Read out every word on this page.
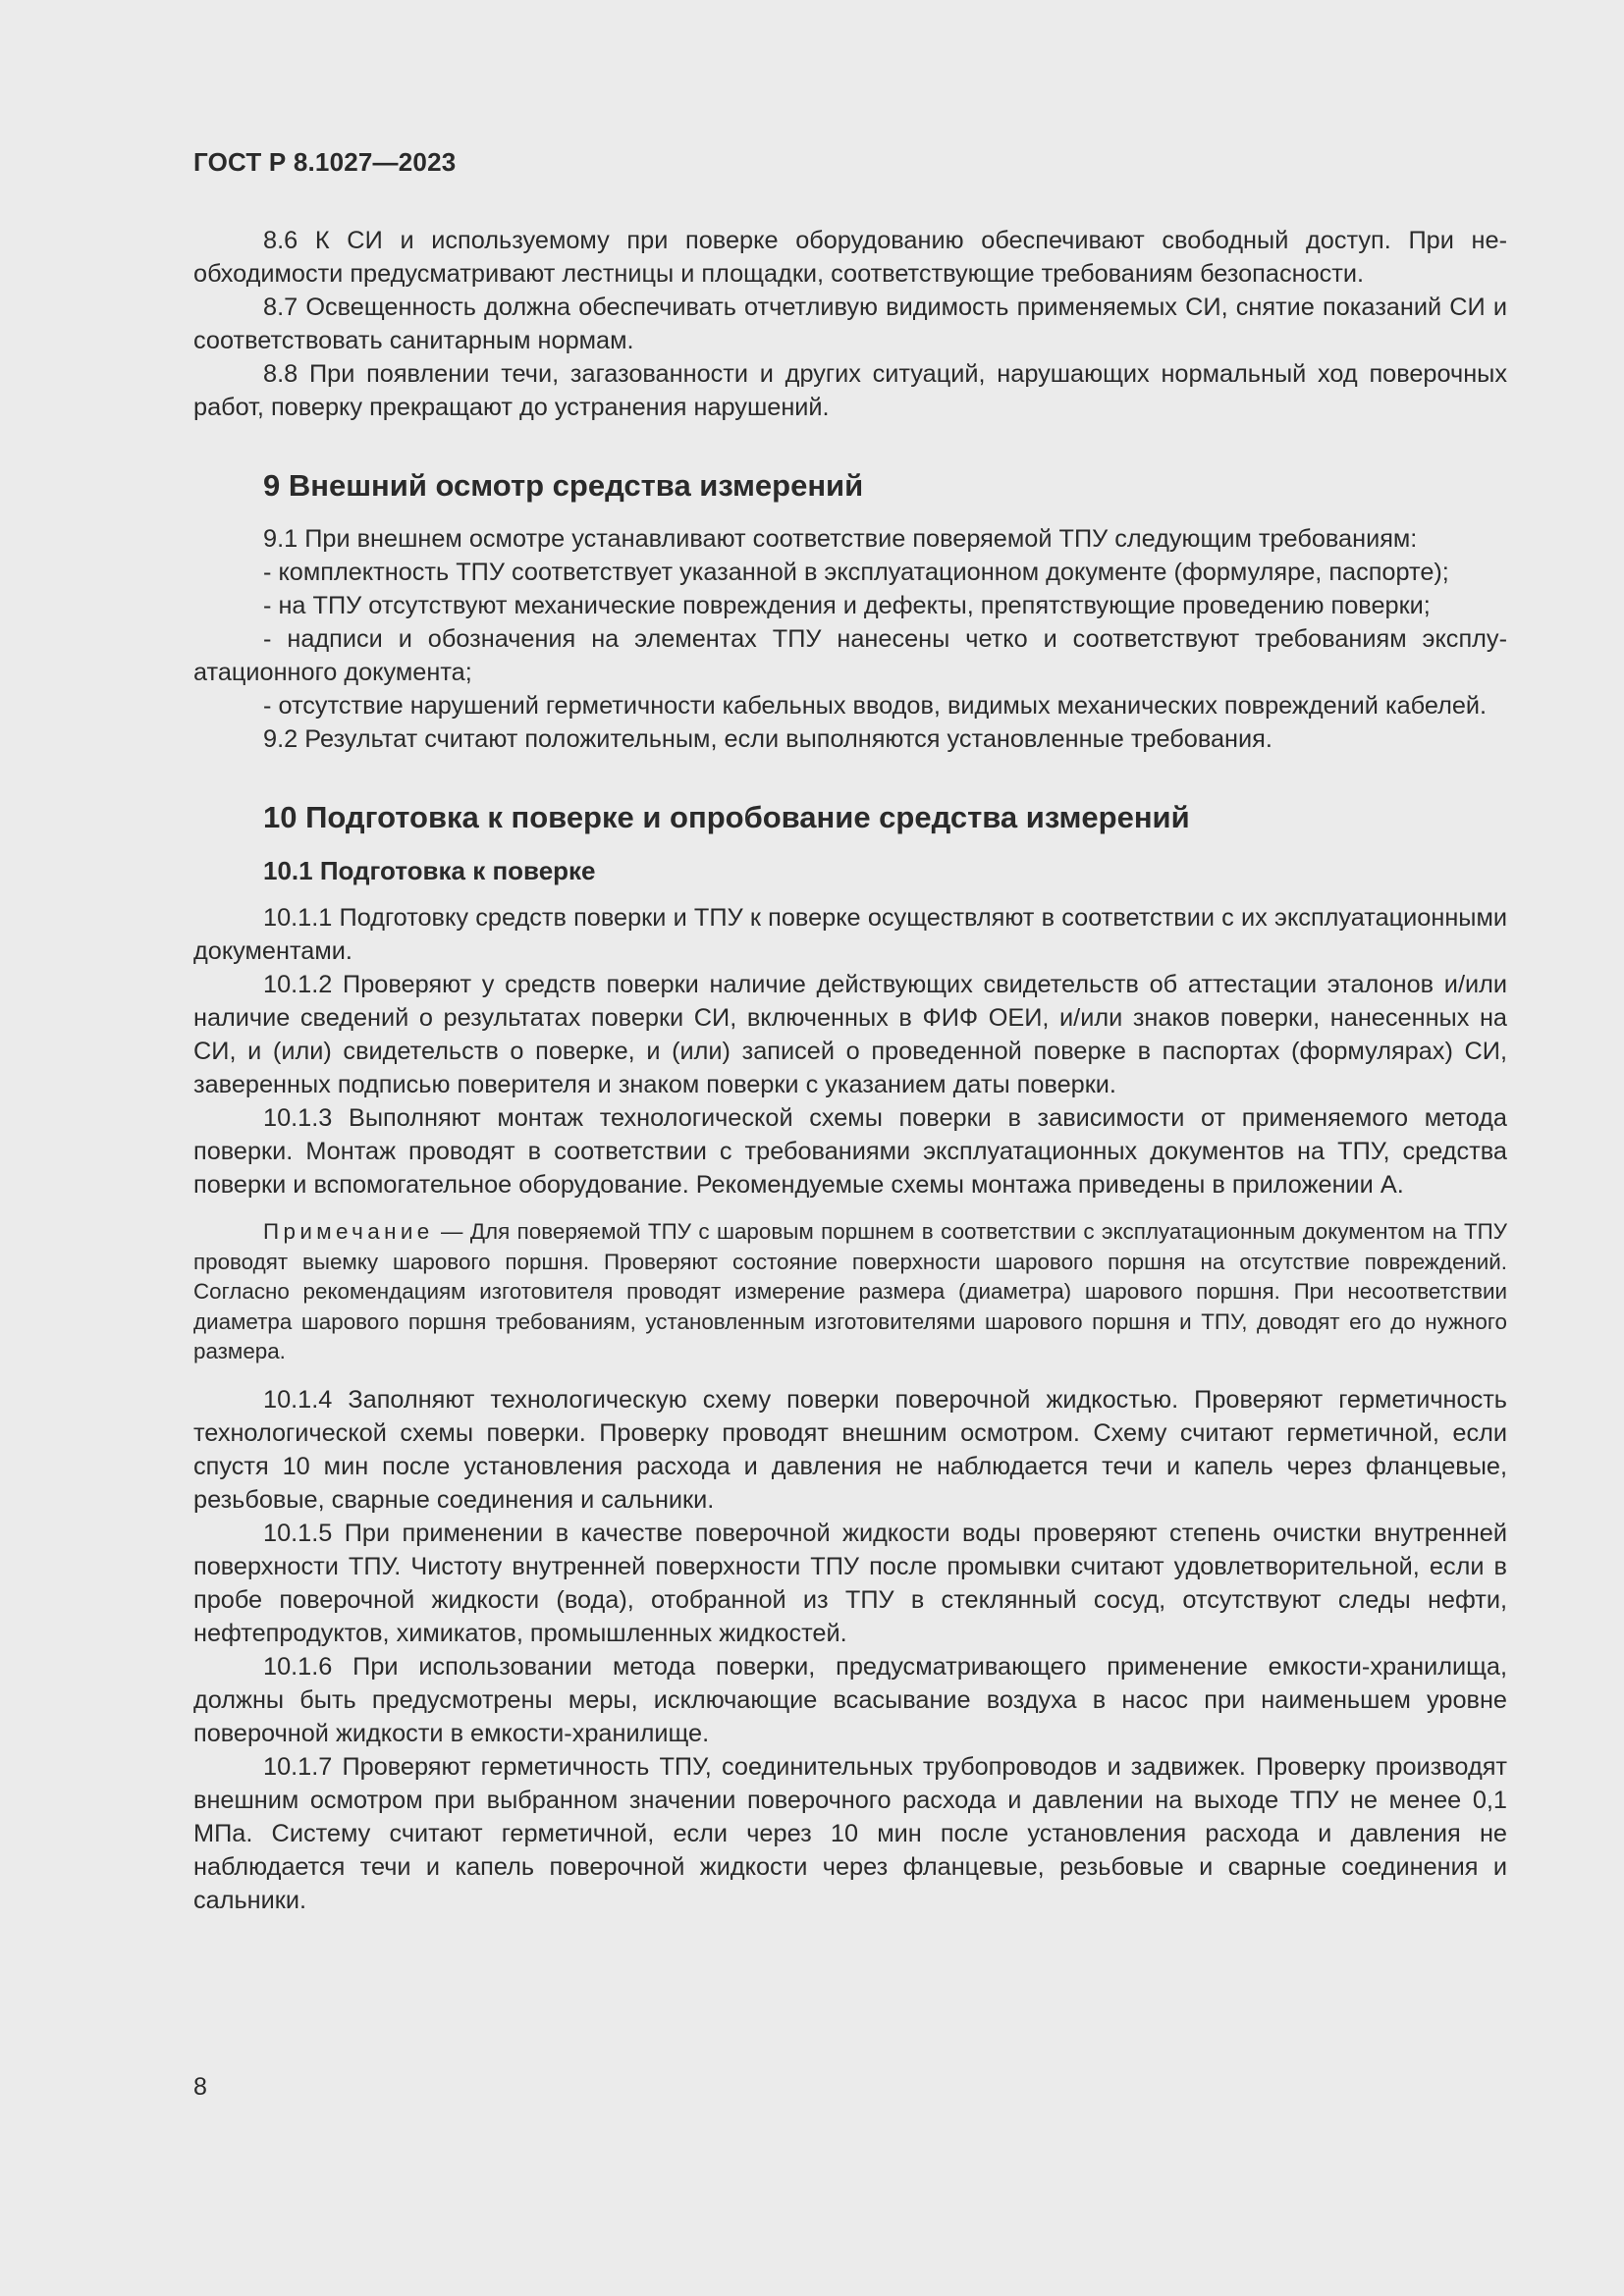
ГОСТ Р 8.1027—2023

8.6 К СИ и используемому при поверке оборудованию обеспечивают свободный доступ. При необходимости предусматривают лестницы и площадки, соответствующие требованиям безопасности.

8.7 Освещенность должна обеспечивать отчетливую видимость применяемых СИ, снятие показаний СИ и соответствовать санитарным нормам.

8.8 При появлении течи, загазованности и других ситуаций, нарушающих нормальный ход поверочных работ, поверку прекращают до устранения нарушений.

9 Внешний осмотр средства измерений

9.1 При внешнем осмотре устанавливают соответствие поверяемой ТПУ следующим требованиям:

- комплектность ТПУ соответствует указанной в эксплуатационном документе (формуляре, паспорте);

- на ТПУ отсутствуют механические повреждения и дефекты, препятствующие проведению поверки;

- надписи и обозначения на элементах ТПУ нанесены четко и соответствуют требованиям эксплуатационного документа;

- отсутствие нарушений герметичности кабельных вводов, видимых механических повреждений кабелей.

9.2 Результат считают положительным, если выполняются установленные требования.

10 Подготовка к поверке и опробование средства измерений
10.1 Подготовка к поверке

10.1.1 Подготовку средств поверки и ТПУ к поверке осуществляют в соответствии с их эксплуатационными документами.

10.1.2 Проверяют у средств поверки наличие действующих свидетельств об аттестации эталонов и/или наличие сведений о результатах поверки СИ, включенных в ФИФ ОЕИ, и/или знаков поверки, нанесенных на СИ, и (или) свидетельств о поверке, и (или) записей о проведенной поверке в паспортах (формулярах) СИ, заверенных подписью поверителя и знаком поверки с указанием даты поверки.

10.1.3 Выполняют монтаж технологической схемы поверки в зависимости от применяемого метода поверки. Монтаж проводят в соответствии с требованиями эксплуатационных документов на ТПУ, средства поверки и вспомогательное оборудование. Рекомендуемые схемы монтажа приведены в приложении А.

Примечание — Для поверяемой ТПУ с шаровым поршнем в соответствии с эксплуатационным документом на ТПУ проводят выемку шарового поршня. Проверяют состояние поверхности шарового поршня на отсутствие повреждений. Согласно рекомендациям изготовителя проводят измерение размера (диаметра) шарового поршня. При несоответствии диаметра шарового поршня требованиям, установленным изготовителями шарового поршня и ТПУ, доводят его до нужного размера.

10.1.4 Заполняют технологическую схему поверки поверочной жидкостью. Проверяют герметичность технологической схемы поверки. Проверку проводят внешним осмотром. Схему считают герметичной, если спустя 10 мин после установления расхода и давления не наблюдается течи и капель через фланцевые, резьбовые, сварные соединения и сальники.

10.1.5 При применении в качестве поверочной жидкости воды проверяют степень очистки внутренней поверхности ТПУ. Чистоту внутренней поверхности ТПУ после промывки считают удовлетворительной, если в пробе поверочной жидкости (вода), отобранной из ТПУ в стеклянный сосуд, отсутствуют следы нефти, нефтепродуктов, химикатов, промышленных жидкостей.

10.1.6 При использовании метода поверки, предусматривающего применение емкости-хранилища, должны быть предусмотрены меры, исключающие всасывание воздуха в насос при наименьшем уровне поверочной жидкости в емкости-хранилище.

10.1.7 Проверяют герметичность ТПУ, соединительных трубопроводов и задвижек. Проверку производят внешним осмотром при выбранном значении поверочного расхода и давлении на выходе ТПУ не менее 0,1 МПа. Систему считают герметичной, если через 10 мин после установления расхода и давления не наблюдается течи и капель поверочной жидкости через фланцевые, резьбовые и сварные соединения и сальники.

8
